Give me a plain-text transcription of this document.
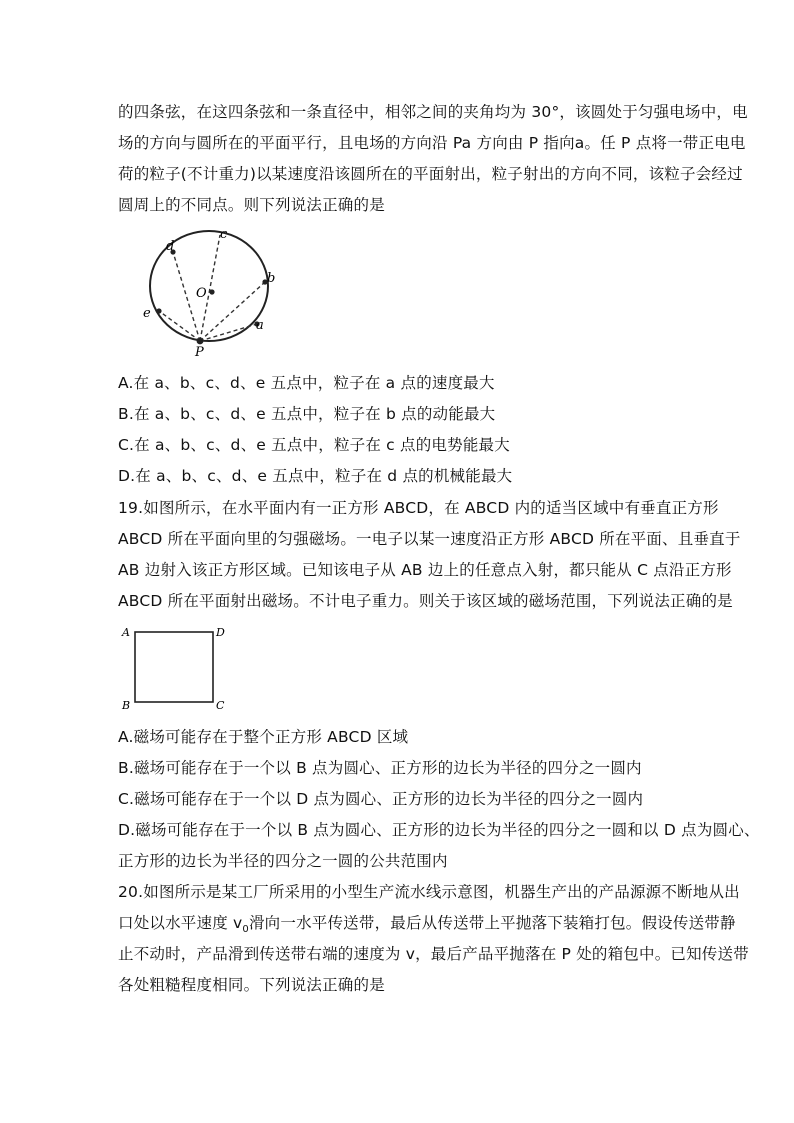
的四条弦，在这四条弦和一条直径中，相邻之间的夹角均为 30°，该圆处于匀强电场中，电
场的方向与圆所在的平面平行，且电场的方向沿 Pa 方向由 P 指向a。任 P 点将一带正电电
荷的粒子(不计重力)以某速度沿该圆所在的平面射出，粒子射出的方向不同，该粒子会经过
圆周上的不同点。则下列说法正确的是
d
c
b
O
a
e
P
A.在 a、b、c、d、e 五点中，粒子在 a 点的速度最大
B.在 a、b、c、d、e 五点中，粒子在 b 点的动能最大
C.在 a、b、c、d、e 五点中，粒子在 c 点的电势能最大
D.在 a、b、c、d、e 五点中，粒子在 d 点的机械能最大
19.如图所示，在水平面内有一正方形 ABCD，在 ABCD 内的适当区域中有垂直正方形
ABCD 所在平面向里的匀强磁场。一电子以某一速度沿正方形 ABCD 所在平面、且垂直于
AB 边射入该正方形区域。已知该电子从 AB 边上的任意点入射，都只能从 C 点沿正方形
ABCD 所在平面射出磁场。不计电子重力。则关于该区域的磁场范围，下列说法正确的是
A	D
B	C
A.磁场可能存在于整个正方形 ABCD 区域
B.磁场可能存在于一个以 B 点为圆心、正方形的边长为半径的四分之一圆内
C.磁场可能存在于一个以 D 点为圆心、正方形的边长为半径的四分之一圆内
D.磁场可能存在于一个以 B 点为圆心、正方形的边长为半径的四分之一圆和以 D 点为圆心、
正方形的边长为半径的四分之一圆的公共范围内
20.如图所示是某工厂所采用的小型生产流水线示意图，机器生产出的产品源源不断地从出
口处以水平速度 $v_0$滑向一水平传送带，最后从传送带上平抛落下装箱打包。假设传送带静
止不动时，产品滑到传送带右端的速度为 v，最后产品平抛落在 P 处的箱包中。已知传送带
各处粗糙程度相同。下列说法正确的是
